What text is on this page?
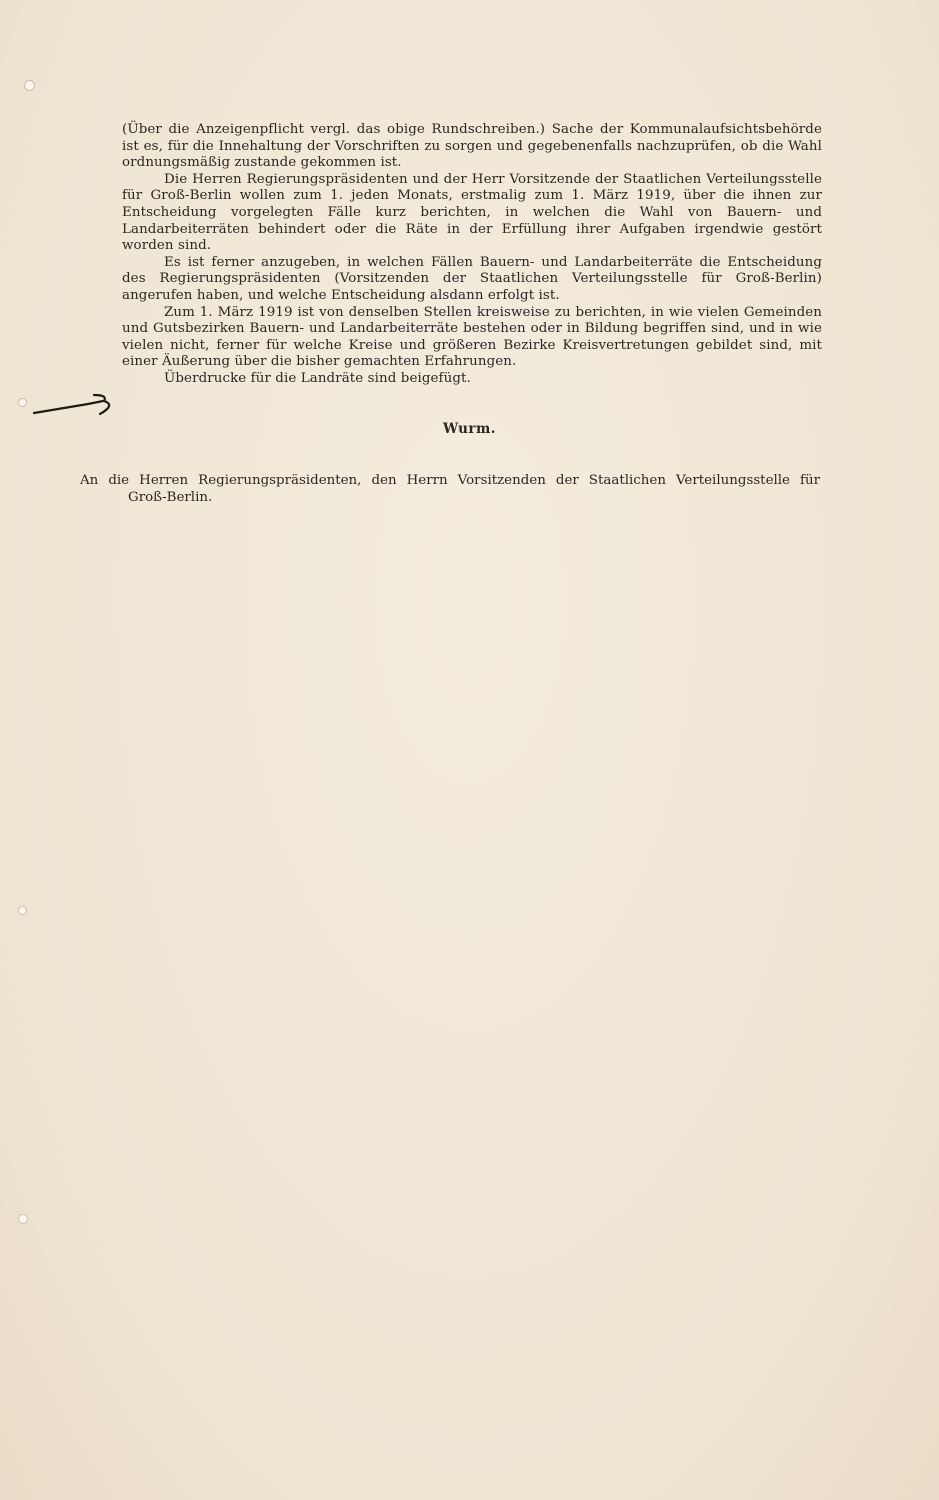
(Über die Anzeigenpflicht vergl. das obige Rundschreiben.) Sache der Kommunalaufsichtsbehörde ist es, für die Innehaltung der Vorschriften zu sorgen und gegebenenfalls nachzuprüfen, ob die Wahl ordnungsmäßig zustande gekommen ist.

Die Herren Regierungspräsidenten und der Herr Vorsitzende der Staatlichen Verteilungsstelle für Groß-Berlin wollen zum 1. jeden Monats, erstmalig zum 1. März 1919, über die ihnen zur Entscheidung vorgelegten Fälle kurz berichten, in welchen die Wahl von Bauern- und Landarbeiterräten behindert oder die Räte in der Erfüllung ihrer Aufgaben irgendwie gestört worden sind.

Es ist ferner anzugeben, in welchen Fällen Bauern- und Landarbeiterräte die Entscheidung des Regierungspräsidenten (Vorsitzenden der Staatlichen Verteilungsstelle für Groß-Berlin) angerufen haben, und welche Entscheidung alsdann erfolgt ist.

Zum 1. März 1919 ist von denselben Stellen kreisweise zu berichten, in wie vielen Gemeinden und Gutsbezirken Bauern- und Landarbeiterräte bestehen oder in Bildung begriffen sind, und in wie vielen nicht, ferner für welche Kreise und größeren Bezirke Kreisvertretungen gebildet sind, mit einer Äußerung über die bisher gemachten Erfahrungen.

Überdrucke für die Landräte sind beigefügt.

Wurm.
An die Herren Regierungspräsidenten, den Herrn Vorsitzenden der Staatlichen Verteilungsstelle für
Groß-Berlin.
